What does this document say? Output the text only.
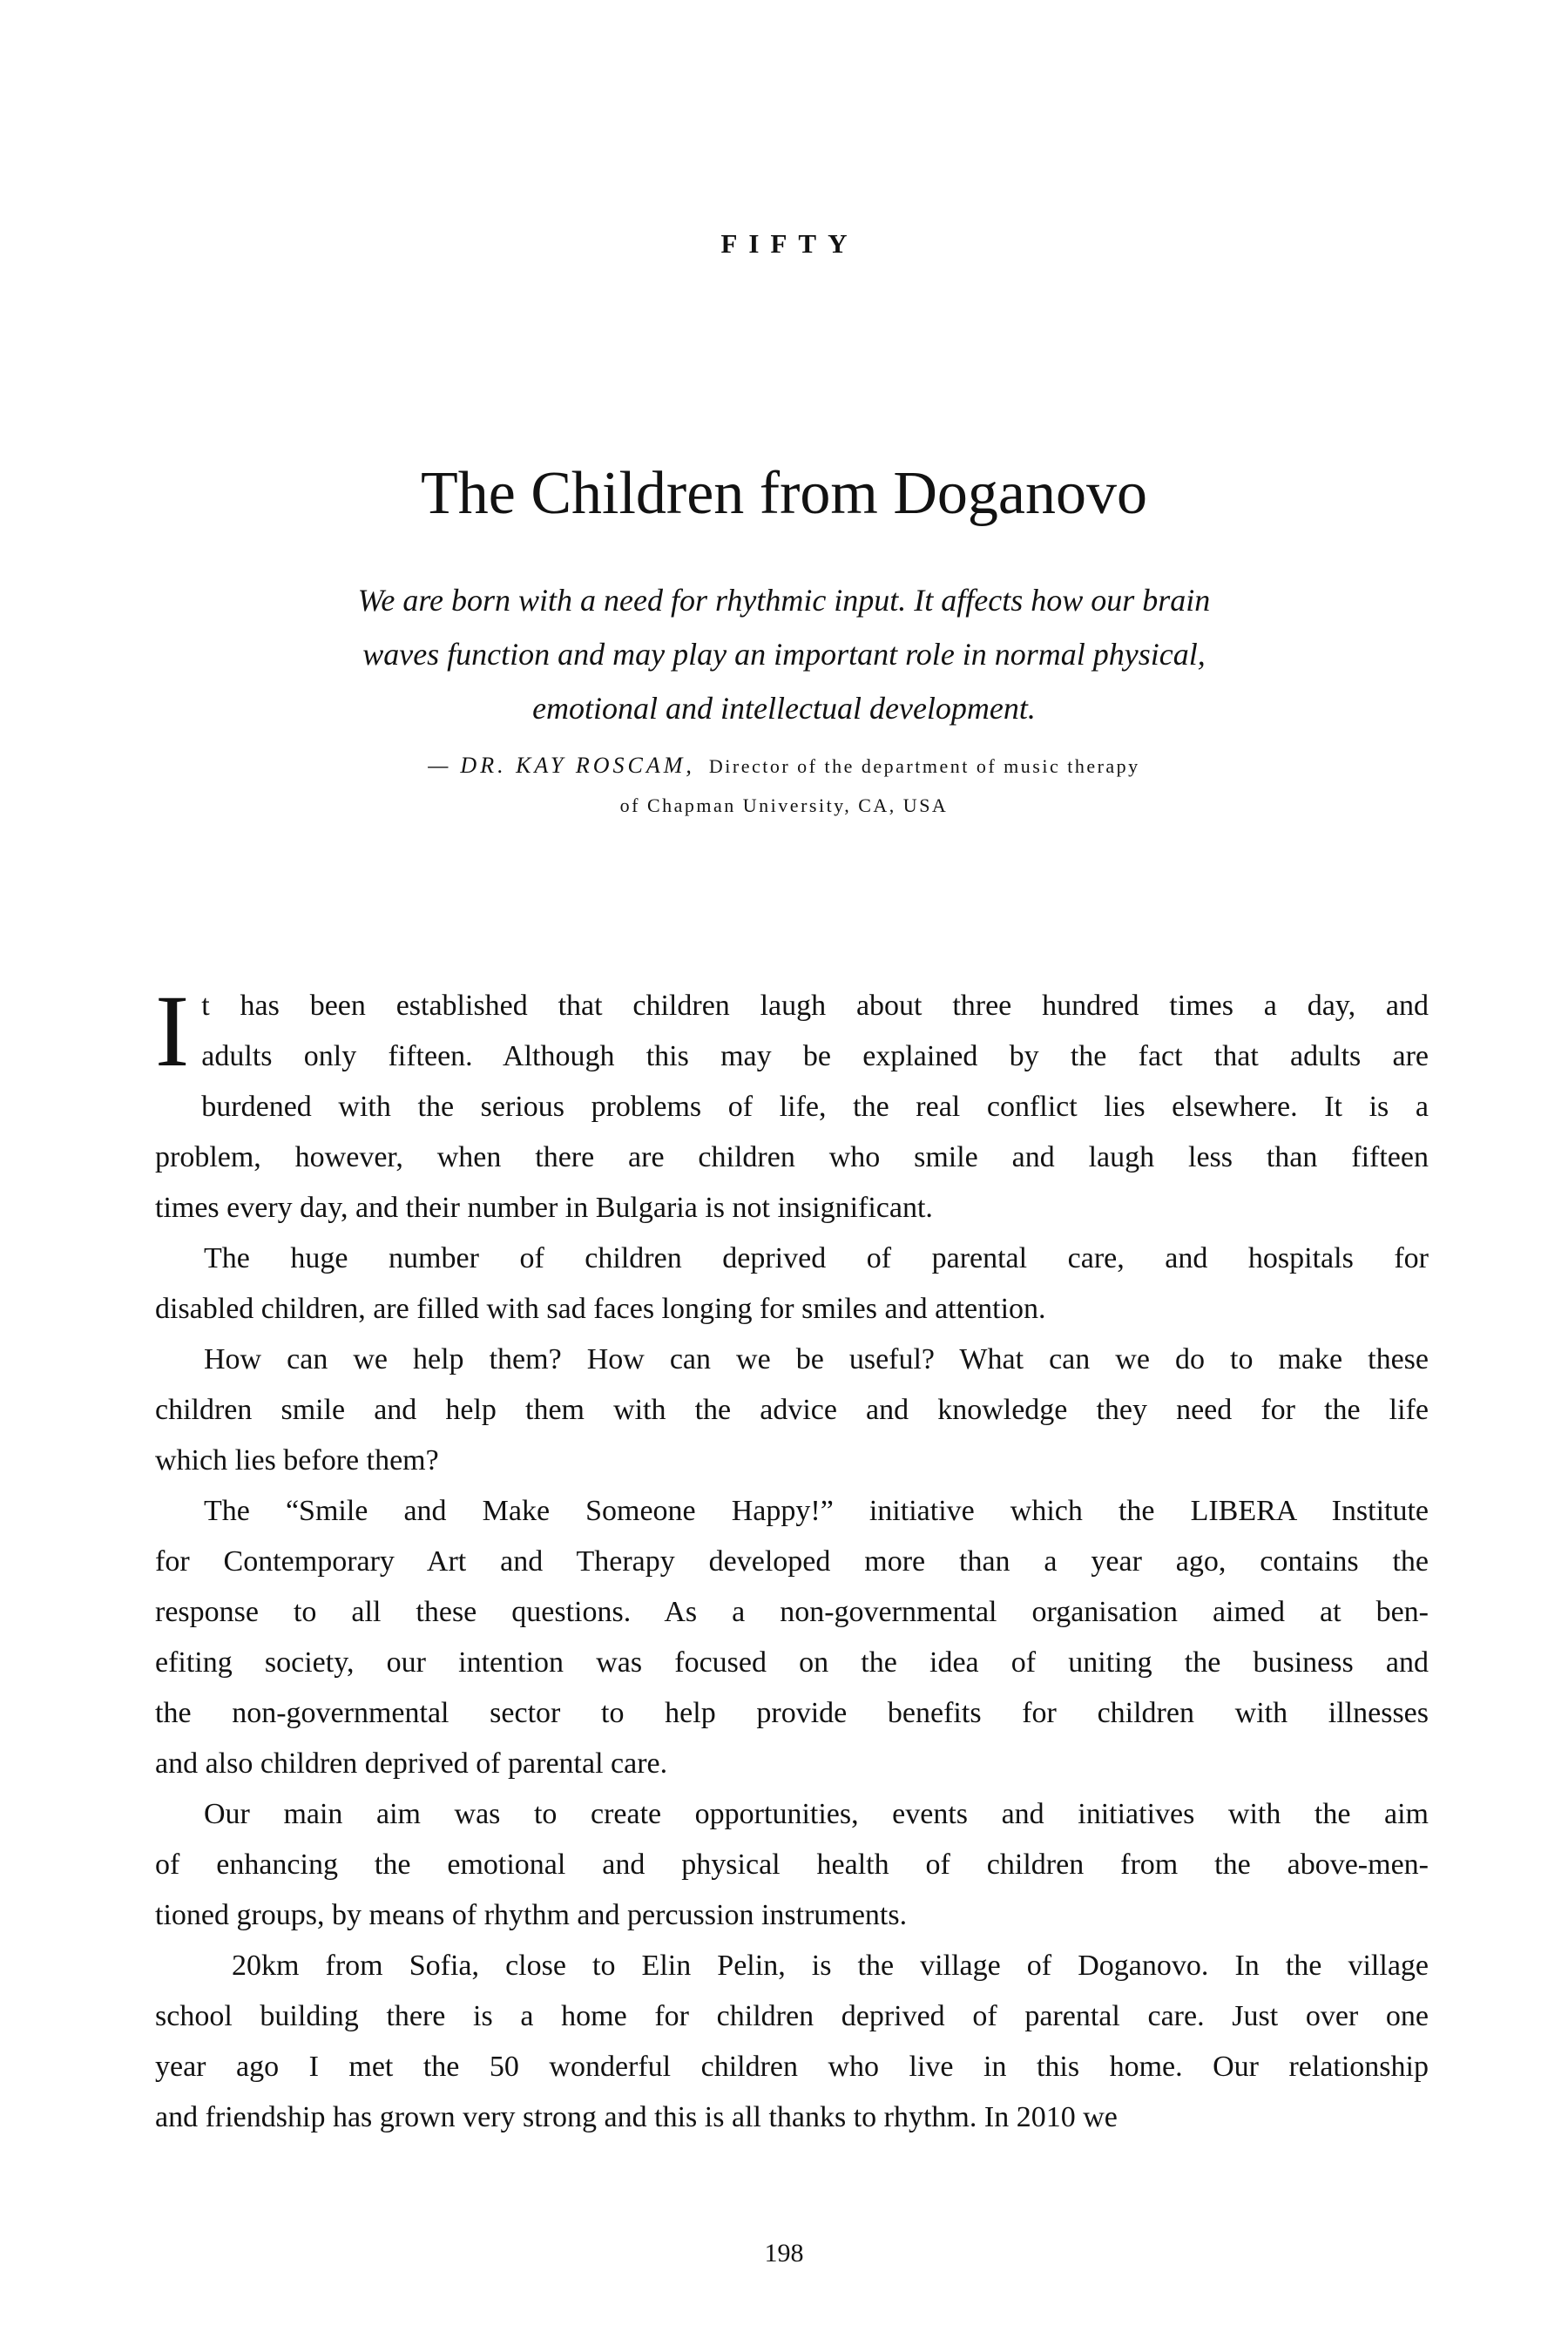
FIFTY
The Children from Doganovo
We are born with a need for rhythmic input. It affects how our brain
waves function and may play an important role in normal physical,
emotional and intellectual development.
— DR. KAY ROSCAM, Director of the department of music therapy
of Chapman University, CA, USA
I t has been established that children laugh about three hundred times a day, and
adults only fifteen. Although this may be explained by the fact that adults are
burdened with the serious problems of life, the real conflict lies elsewhere. It is a
problem, however, when there are children who smile and laugh less than fifteen
times every day, and their number in Bulgaria is not insignificant.
The huge number of children deprived of parental care, and hospitals for
disabled children, are filled with sad faces longing for smiles and attention.
How can we help them? How can we be useful? What can we do to make these
children smile and help them with the advice and knowledge they need for the life
which lies before them?
The “Smile and Make Someone Happy!” initiative which the LIBERA Institute
for Contemporary Art and Therapy developed more than a year ago, contains the
response to all these questions. As a non-governmental organisation aimed at ben-
efiting society, our intention was focused on the idea of uniting the business and
the non-governmental sector to help provide benefits for children with illnesses
and also children deprived of parental care.
Our main aim was to create opportunities, events and initiatives with the aim
of enhancing the emotional and physical health of children from the above-men-
tioned groups, by means of rhythm and percussion instruments.
20km from Sofia, close to Elin Pelin, is the village of Doganovo. In the village
school building there is a home for children deprived of parental care. Just over one
year ago I met the 50 wonderful children who live in this home. Our relationship
and friendship has grown very strong and this is all thanks to rhythm. In 2010 we
198
